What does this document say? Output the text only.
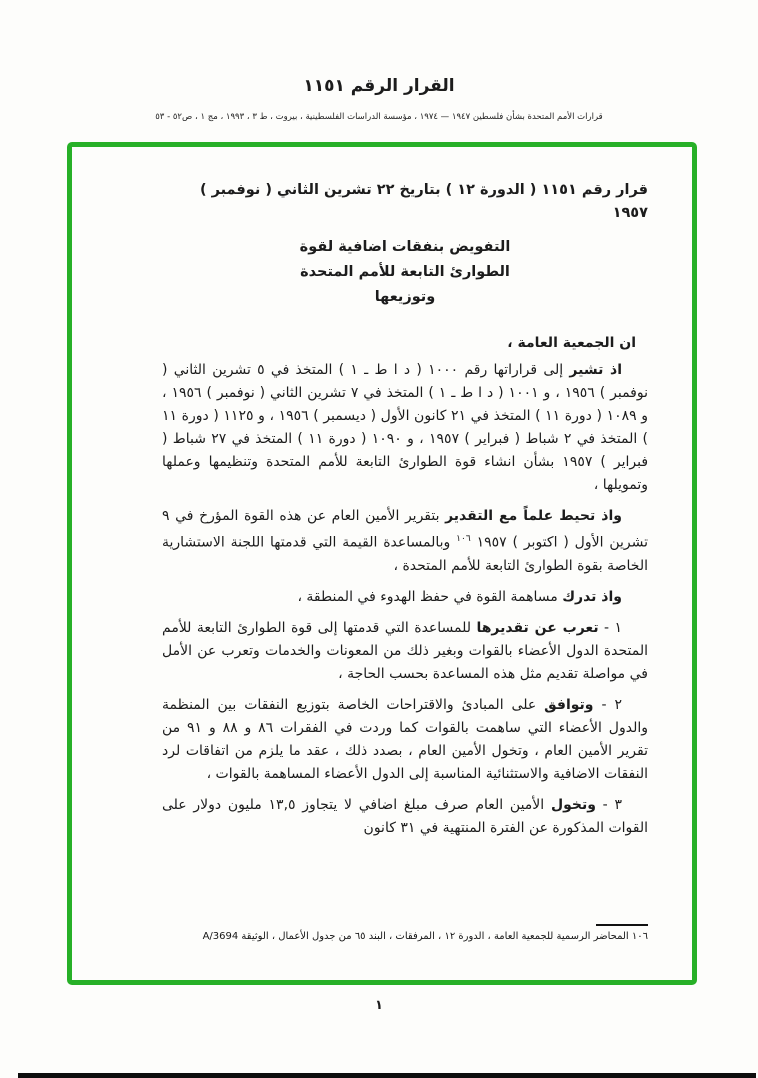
القرار الرقم ١١٥١
قرارات الأمم المتحدة بشأن فلسطين ١٩٤٧ — ١٩٧٤ ، مؤسسة الدراسات الفلسطينية ، بيروت ، ط ٣ ، ١٩٩٣ ، مج ١ ، ص٥٢ - ٥٣

قرار رقم ١١٥١ ( الدورة ١٢ ) بتاريخ ٢٢ تشرين الثاني ( نوفمبر )
١٩٥٧

التفويض بنفقات اضافية لقوة
الطوارئ التابعة للأمم المتحدة
وتوزيعها

ان الجمعية العامة ،

اذ تشير إلى قراراتها رقم ١٠٠٠ ( د ا ط ـ ١ ) المتخذ في ٥ تشرين الثاني ( نوفمبر ) ١٩٥٦ ، و ١٠٠١ ( د ا ط ـ ١ ) المتخذ في ٧ تشرين الثاني ( نوفمبر ) ١٩٥٦ ، و ١٠٨٩ ( دورة ١١ ) المتخذ في ٢١ كانون الأول ( ديسمبر ) ١٩٥٦ ، و ١١٢٥ ( دورة ١١ ) المتخذ في ٢ شباط ( فبراير ) ١٩٥٧ ، و ١٠٩٠ ( دورة ١١ ) المتخذ في ٢٧ شباط ( فبراير ) ١٩٥٧ بشأن انشاء قوة الطوارئ التابعة للأمم المتحدة وتنظيمها وعملها وتمويلها ،

واذ تحيط علماً مع التقدير بتقرير الأمين العام عن هذه القوة المؤرخ في ٩ تشرين الأول ( اكتوبر ) ١٩٥٧ $^{١٠٦}$ وبالمساعدة القيمة التي قدمتها اللجنة الاستشارية الخاصة بقوة الطوارئ التابعة للأمم المتحدة ،

واذ تدرك مساهمة القوة في حفظ الهدوء في المنطقة ،

١ - تعرب عن تقديرها للمساعدة التي قدمتها إلى قوة الطوارئ التابعة للأمم المتحدة الدول الأعضاء بالقوات وبغير ذلك من المعونات والخدمات وتعرب عن الأمل في مواصلة تقديم مثل هذه المساعدة بحسب الحاجة ،

٢ - وتوافق على المبادئ والاقتراحات الخاصة بتوزيع النفقات بين المنظمة والدول الأعضاء التي ساهمت بالقوات كما وردت في الفقرات ٨٦ و ٨٨ و ٩١ من تقرير الأمين العام ، وتخول الأمين العام ، بصدد ذلك ، عقد ما يلزم من اتفاقات لرد النفقات الاضافية والاستثنائية المناسبة إلى الدول الأعضاء المساهمة بالقوات ،

٣ - وتخول الأمين العام صرف مبلغ اضافي لا يتجاوز ١٣,٥ مليون دولار على القوات المذكورة عن الفترة المنتهية في ٣١ كانون

١٠٦ المحاضر الرسمية للجمعية العامة ، الدورة ١٢ ، المرفقات ، البند ٦٥ من جدول الأعمال ، الوثيقة A/3694
١
